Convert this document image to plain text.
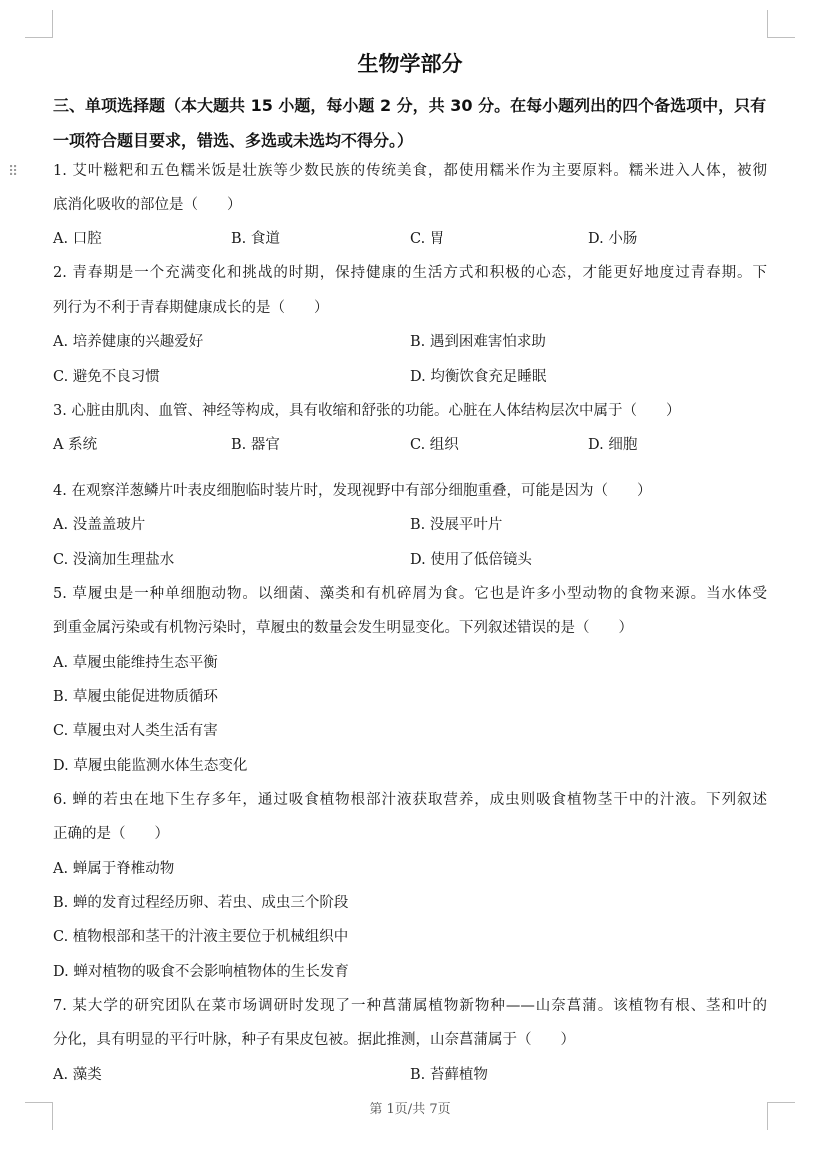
⠿
生物学部分
三、单项选择题（本大题共 15 小题，每小题 2 分，共 30 分。在每小题列出的四个备选项中，只有一项符合题目要求，错选、多选或未选均不得分。）
1. 艾叶糍粑和五色糯米饭是壮族等少数民族的传统美食，都使用糯米作为主要原料。糯米进入人体，被彻
底消化吸收的部位是（　　）
A. 口腔	B. 食道	C. 胃	D. 小肠
2. 青春期是一个充满变化和挑战的时期，保持健康的生活方式和积极的心态，才能更好地度过青春期。下
列行为不利于青春期健康成长的是（　　）
A. 培养健康的兴趣爱好	B. 遇到困难害怕求助
C. 避免不良习惯	D. 均衡饮食充足睡眠
3. 心脏由肌肉、血管、神经等构成，具有收缩和舒张的功能。心脏在人体结构层次中属于（　　）
A 系统	B. 器官	C. 组织	D. 细胞
4. 在观察洋葱鳞片叶表皮细胞临时装片时，发现视野中有部分细胞重叠，可能是因为（　　）
A. 没盖盖玻片	B. 没展平叶片
C. 没滴加生理盐水	D. 使用了低倍镜头
5. 草履虫是一种单细胞动物。以细菌、藻类和有机碎屑为食。它也是许多小型动物的食物来源。当水体受
到重金属污染或有机物污染时，草履虫的数量会发生明显变化。下列叙述错误的是（　　）
A. 草履虫能维持生态平衡
B. 草履虫能促进物质循环
C. 草履虫对人类生活有害
D. 草履虫能监测水体生态变化
6. 蝉的若虫在地下生存多年，通过吸食植物根部汁液获取营养，成虫则吸食植物茎干中的汁液。下列叙述
正确的是（　　）
A. 蝉属于脊椎动物
B. 蝉的发育过程经历卵、若虫、成虫三个阶段
C. 植物根部和茎干的汁液主要位于机械组织中
D. 蝉对植物的吸食不会影响植物体的生长发育
7. 某大学的研究团队在菜市场调研时发现了一种菖蒲属植物新物种——山奈菖蒲。该植物有根、茎和叶的
分化，具有明显的平行叶脉，种子有果皮包被。据此推测，山奈菖蒲属于（　　）
A. 藻类	B. 苔藓植物
第 1页/共 7页
